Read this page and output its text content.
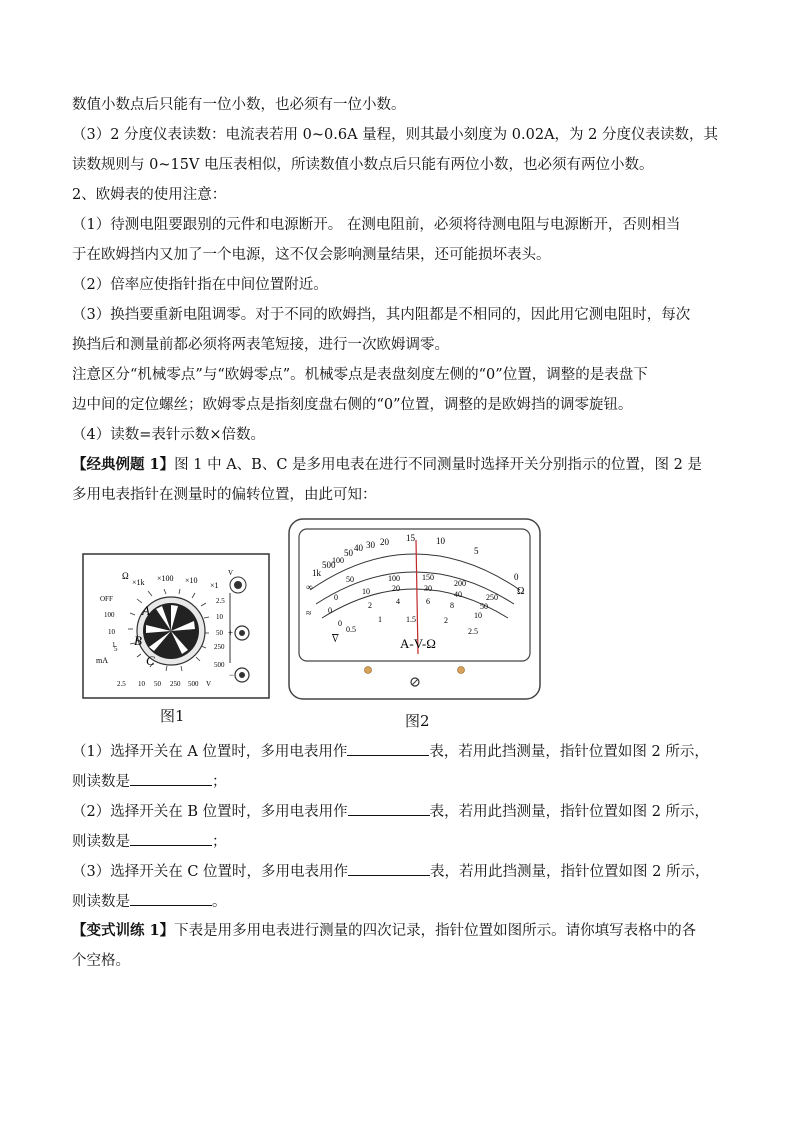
数值小数点后只能有一位小数，也必须有一位小数。

（3）2 分度仪表读数：电流表若用 0~0.6A 量程，则其最小刻度为 0.02A，为 2 分度仪表读数，其

读数规则与 0~15V 电压表相似，所读数值小数点后只能有两位小数，也必须有两位小数。

2、欧姆表的使用注意：

（1）待测电阻要跟别的元件和电源断开。 在测电阻前，必须将待测电阻与电源断开，否则相当

于在欧姆挡内又加了一个电源，这不仅会影响测量结果，还可能损坏表头。

（2）倍率应使指针指在中间位置附近。

（3）换挡要重新电阻调零。对于不同的欧姆挡，其内阻都是不相同的，因此用它测电阻时，每次

换挡后和测量前都必须将两表笔短接，进行一次欧姆调零。

注意区分“机械零点”与“欧姆零点”。机械零点是表盘刻度左侧的“0”位置，调整的是表盘下

边中间的定位螺丝；欧姆零点是指刻度盘右侧的“0”位置，调整的是欧姆挡的调零旋钮。

（4）读数=表针示数×倍数。

【经典例题 1】图 1 中 A、B、C 是多用电表在进行不同测量时选择开关分别指示的位置，图 2 是

多用电表指针在测量时的偏转位置，由此可知：

Ω
×1k ×100 ×10
×1
OFF
100
10
1
5
mA
2.5 10 50 250 500 V
2.5
10
50
250
500
V
A
B
C
+
−
图1
∞
1k
500
100
50 40 30 20 15 10
5
0
Ω
50	100	150
200
250
0
10	20	30
40
50
0
2	4	6	8
10
0
0.5
1	1.5	2
2.5
≈
V	A-V-Ω
图2

（1）选择开关在 A 位置时，多用电表用作	表，若用此挡测量，指针位置如图 2 所示，

则读数是	；

（2）选择开关在 B 位置时，多用电表用作	表，若用此挡测量，指针位置如图 2 所示，

则读数是	；

（3）选择开关在 C 位置时，多用电表用作	表，若用此挡测量，指针位置如图 2 所示，

则读数是	。

【变式训练 1】下表是用多用电表进行测量的四次记录，指针位置如图所示。请你填写表格中的各

个空格。
